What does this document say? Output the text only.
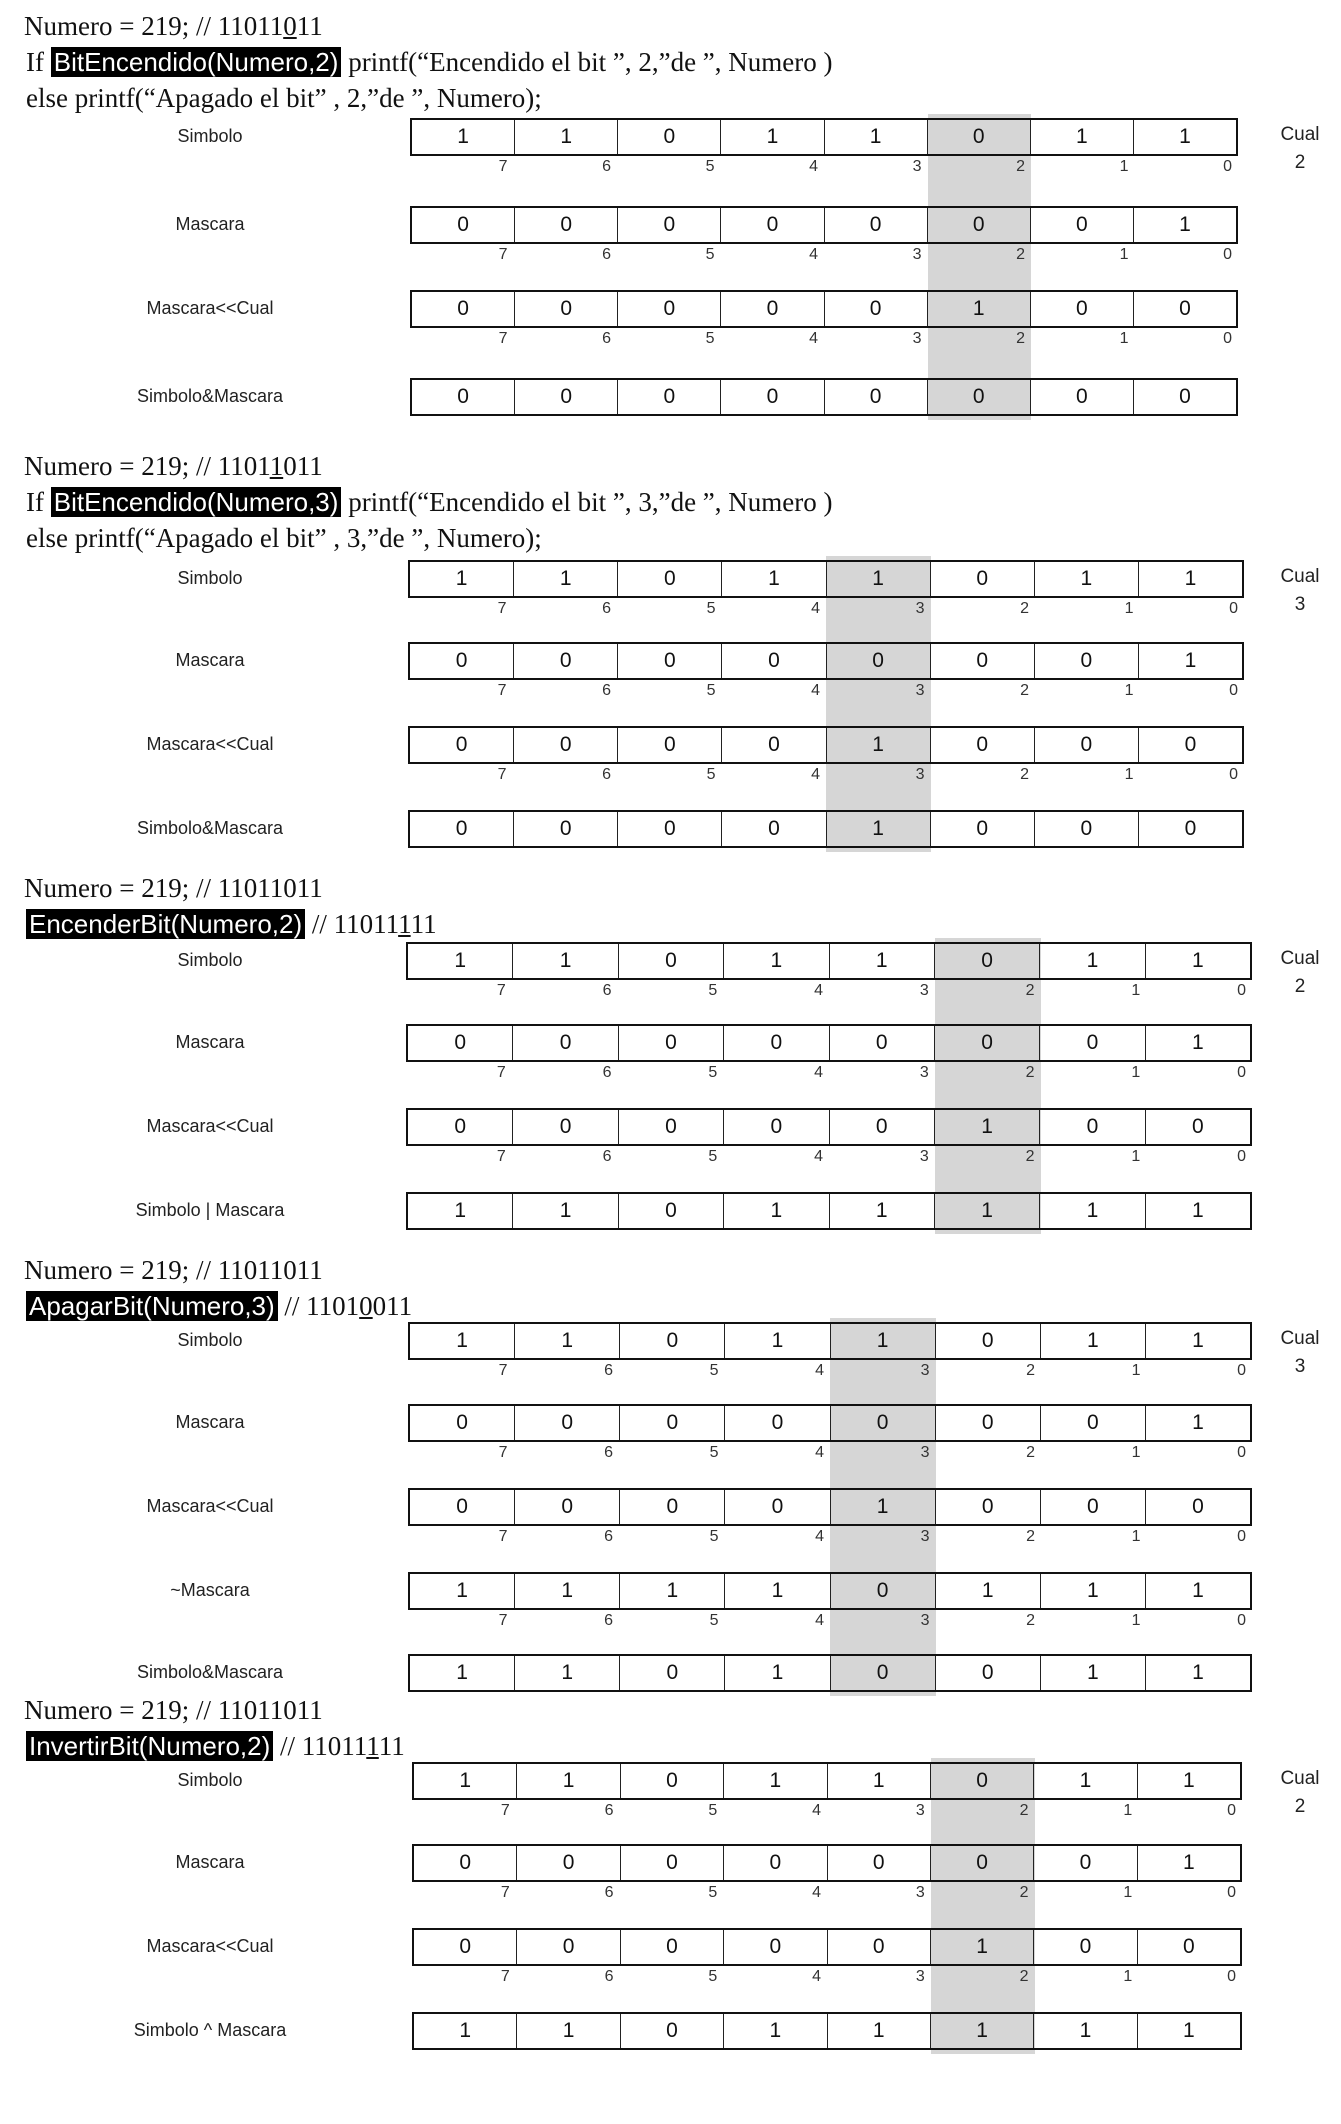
Numero = 219; // 11011011
If BitEncendido(Numero,2) printf(“Encendido el bit ”, 2,”de ”, Numero )
else printf(“Apagado el bit” , 2,”de ”, Numero);
Cual
2
Simbolo	1	1	0	1	1	0	1	1
7	6	5	4	3	2	1	0
Mascara	0	0	0	0	0	0	0	1
7	6	5	4	3	2	1	0
Mascara<<Cual	0	0	0	0	0	1	0	0
7	6	5	4	3	2	1	0
Simbolo&Mascara	0	0	0	0	0	0	0	0
Numero = 219; // 11011011
If BitEncendido(Numero,3) printf(“Encendido el bit ”, 3,”de ”, Numero )
else printf(“Apagado el bit” , 3,”de ”, Numero);
Cual
3
Simbolo	1	1	0	1	1	0	1	1
7	6	5	4	3	2	1	0
Mascara	0	0	0	0	0	0	0	1
7	6	5	4	3	2	1	0
Mascara<<Cual	0	0	0	0	1	0	0	0
7	6	5	4	3	2	1	0
Simbolo&Mascara	0	0	0	0	1	0	0	0
Numero = 219; // 11011011
EncenderBit(Numero,2) // 11011111
Cual
2
Simbolo	1	1	0	1	1	0	1	1
7	6	5	4	3	2	1	0
Mascara	0	0	0	0	0	0	0	1
7	6	5	4	3	2	1	0
Mascara<<Cual	0	0	0	0	0	1	0	0
7	6	5	4	3	2	1	0
Simbolo | Mascara	1	1	0	1	1	1	1	1
Numero = 219; // 11011011
ApagarBit(Numero,3) // 11010011
Cual
3
Simbolo	1	1	0	1	1	0	1	1
7	6	5	4	3	2	1	0
Mascara	0	0	0	0	0	0	0	1
7	6	5	4	3	2	1	0
Mascara<<Cual	0	0	0	0	1	0	0	0
7	6	5	4	3	2	1	0
~Mascara	1	1	1	1	0	1	1	1
7	6	5	4	3	2	1	0
Simbolo&Mascara	1	1	0	1	0	0	1	1
Numero = 219; // 11011011
InvertirBit(Numero,2) // 11011111
Cual
2
Simbolo	1	1	0	1	1	0	1	1
7	6	5	4	3	2	1	0
Mascara	0	0	0	0	0	0	0	1
7	6	5	4	3	2	1	0
Mascara<<Cual	0	0	0	0	0	1	0	0
7	6	5	4	3	2	1	0
Simbolo ^ Mascara	1	1	0	1	1	1	1	1
